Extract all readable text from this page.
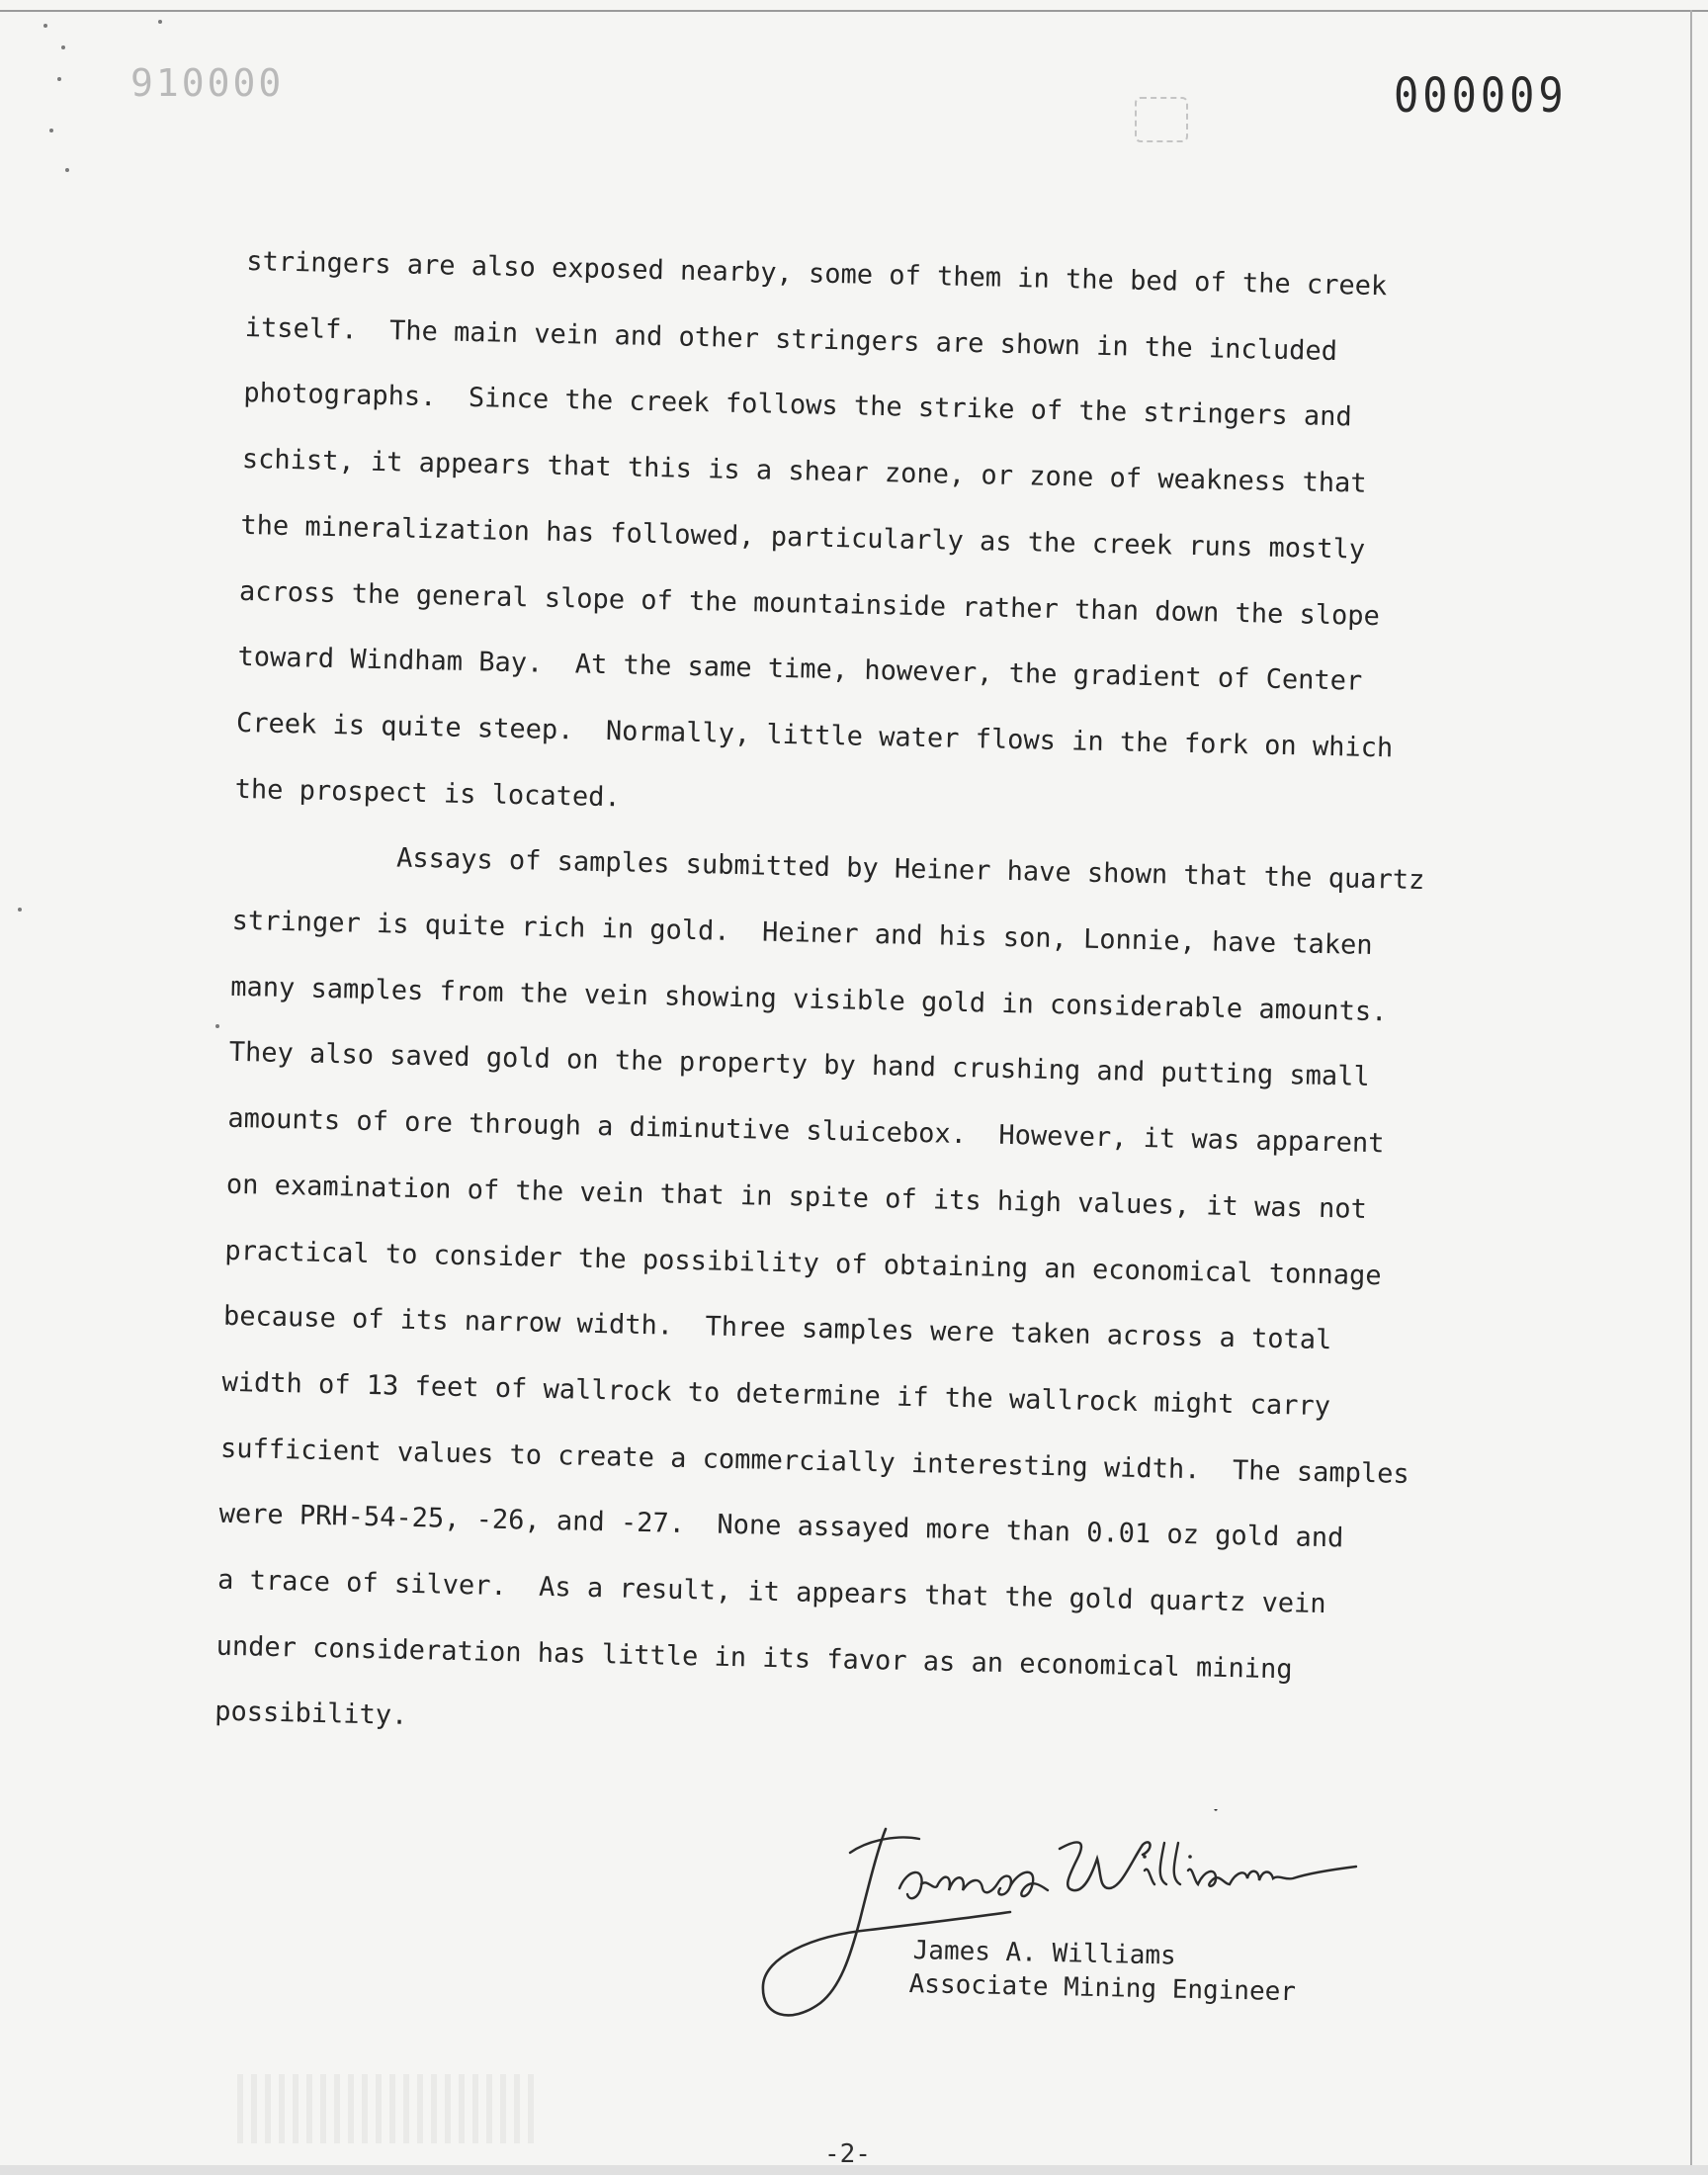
910000	000009

stringers are also exposed nearby, some of them in the bed of the creek
itself.  The main vein and other stringers are shown in the included
photographs.  Since the creek follows the strike of the stringers and
schist, it appears that this is a shear zone, or zone of weakness that
the mineralization has followed, particularly as the creek runs mostly
across the general slope of the mountainside rather than down the slope
toward Windham Bay.  At the same time, however, the gradient of Center
Creek is quite steep.  Normally, little water flows in the fork on which
the prospect is located.

Assays of samples submitted by Heiner have shown that the quartz
stringer is quite rich in gold.  Heiner and his son, Lonnie, have taken
many samples from the vein showing visible gold in considerable amounts.
They also saved gold on the property by hand crushing and putting small
amounts of ore through a diminutive sluicebox.  However, it was apparent
on examination of the vein that in spite of its high values, it was not
practical to consider the possibility of obtaining an economical tonnage
because of its narrow width.  Three samples were taken across a total
width of 13 feet of wallrock to determine if the wallrock might carry
sufficient values to create a commercially interesting width.  The samples
were PRH-54-25, -26, and -27.  None assayed more than 0.01 oz gold and
a trace of silver.  As a result, it appears that the gold quartz vein
under consideration has little in its favor as an economical mining
possibility.

James A. Williams
Associate Mining Engineer
-2-
